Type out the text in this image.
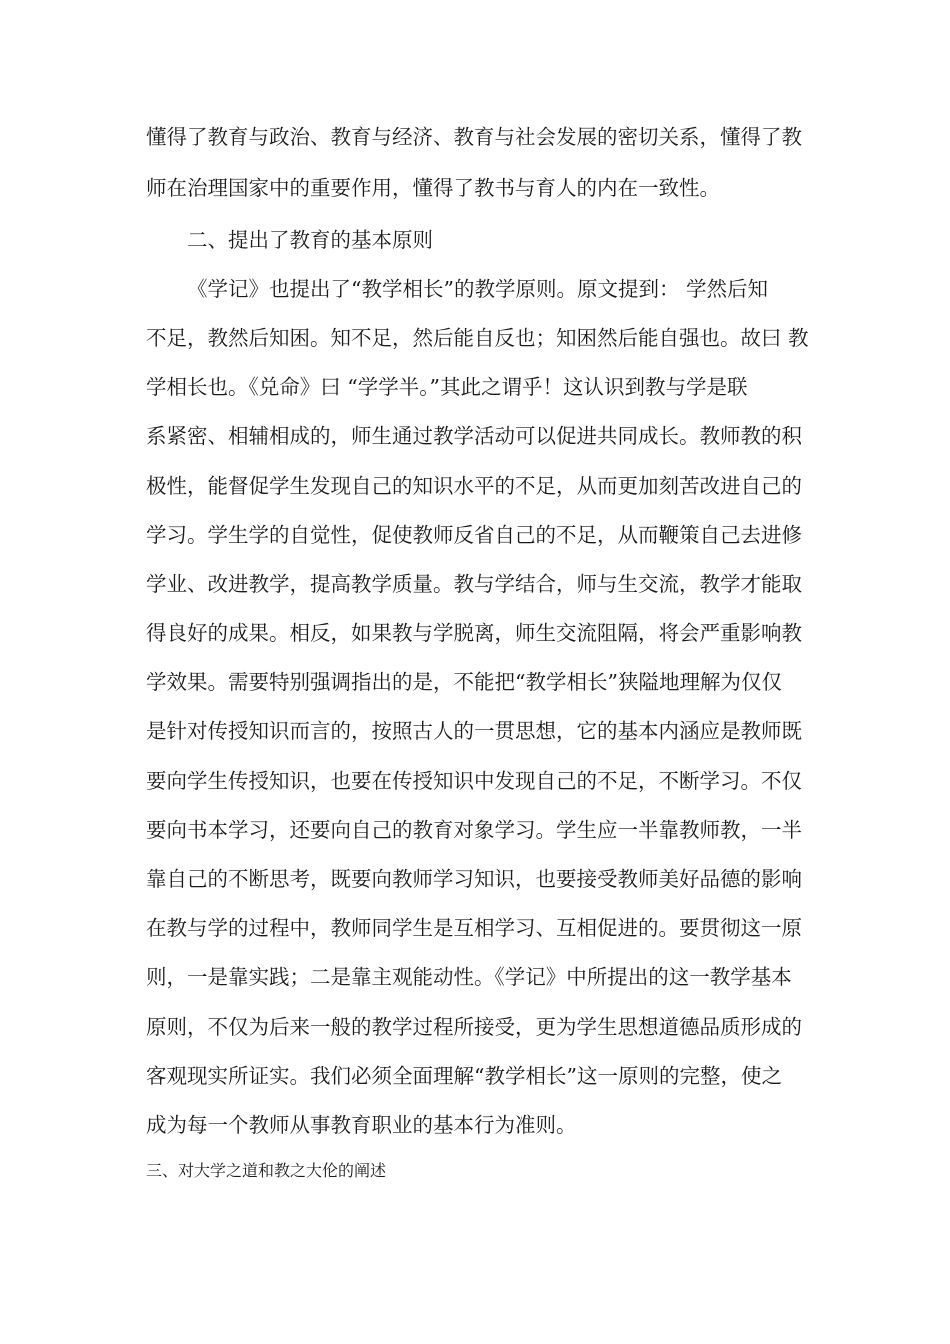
懂得了教育与政治、教育与经济、教育与社会发展的密切关系，懂得了教

师在治理国家中的重要作用，懂得了教书与育人的内在一致性。

二、提出了教育的基本原则

《学记》也提出了“教学相长”的教学原则。原文提到： 学然后知

不足，教然后知困。知不足，然后能自反也；知困然后能自强也。故曰 教

学相长也。《兑命》曰 “学学半。”其此之谓乎！这认识到教与学是联

系紧密、相辅相成的，师生通过教学活动可以促进共同成长。教师教的积

极性，能督促学生发现自己的知识水平的不足，从而更加刻苦改进自己的

学习。学生学的自觉性，促使教师反省自己的不足，从而鞭策自己去进修

学业、改进教学，提高教学质量。教与学结合，师与生交流，教学才能取

得良好的成果。相反，如果教与学脱离，师生交流阻隔，将会严重影响教

学效果。需要特别强调指出的是，不能把“教学相长”狭隘地理解为仅仅

是针对传授知识而言的，按照古人的一贯思想，它的基本内涵应是教师既

要向学生传授知识，也要在传授知识中发现自己的不足，不断学习。不仅

要向书本学习，还要向自己的教育对象学习。学生应一半靠教师教，一半

靠自己的不断思考，既要向教师学习知识，也要接受教师美好品德的影响

在教与学的过程中，教师同学生是互相学习、互相促进的。要贯彻这一原

则，一是靠实践；二是靠主观能动性。《学记》中所提出的这一教学基本

原则，不仅为后来一般的教学过程所接受，更为学生思想道德品质形成的

客观现实所证实。我们必须全面理解“教学相长”这一原则的完整，使之

成为每一个教师从事教育职业的基本行为准则。

三、对大学之道和教之大伦的阐述
